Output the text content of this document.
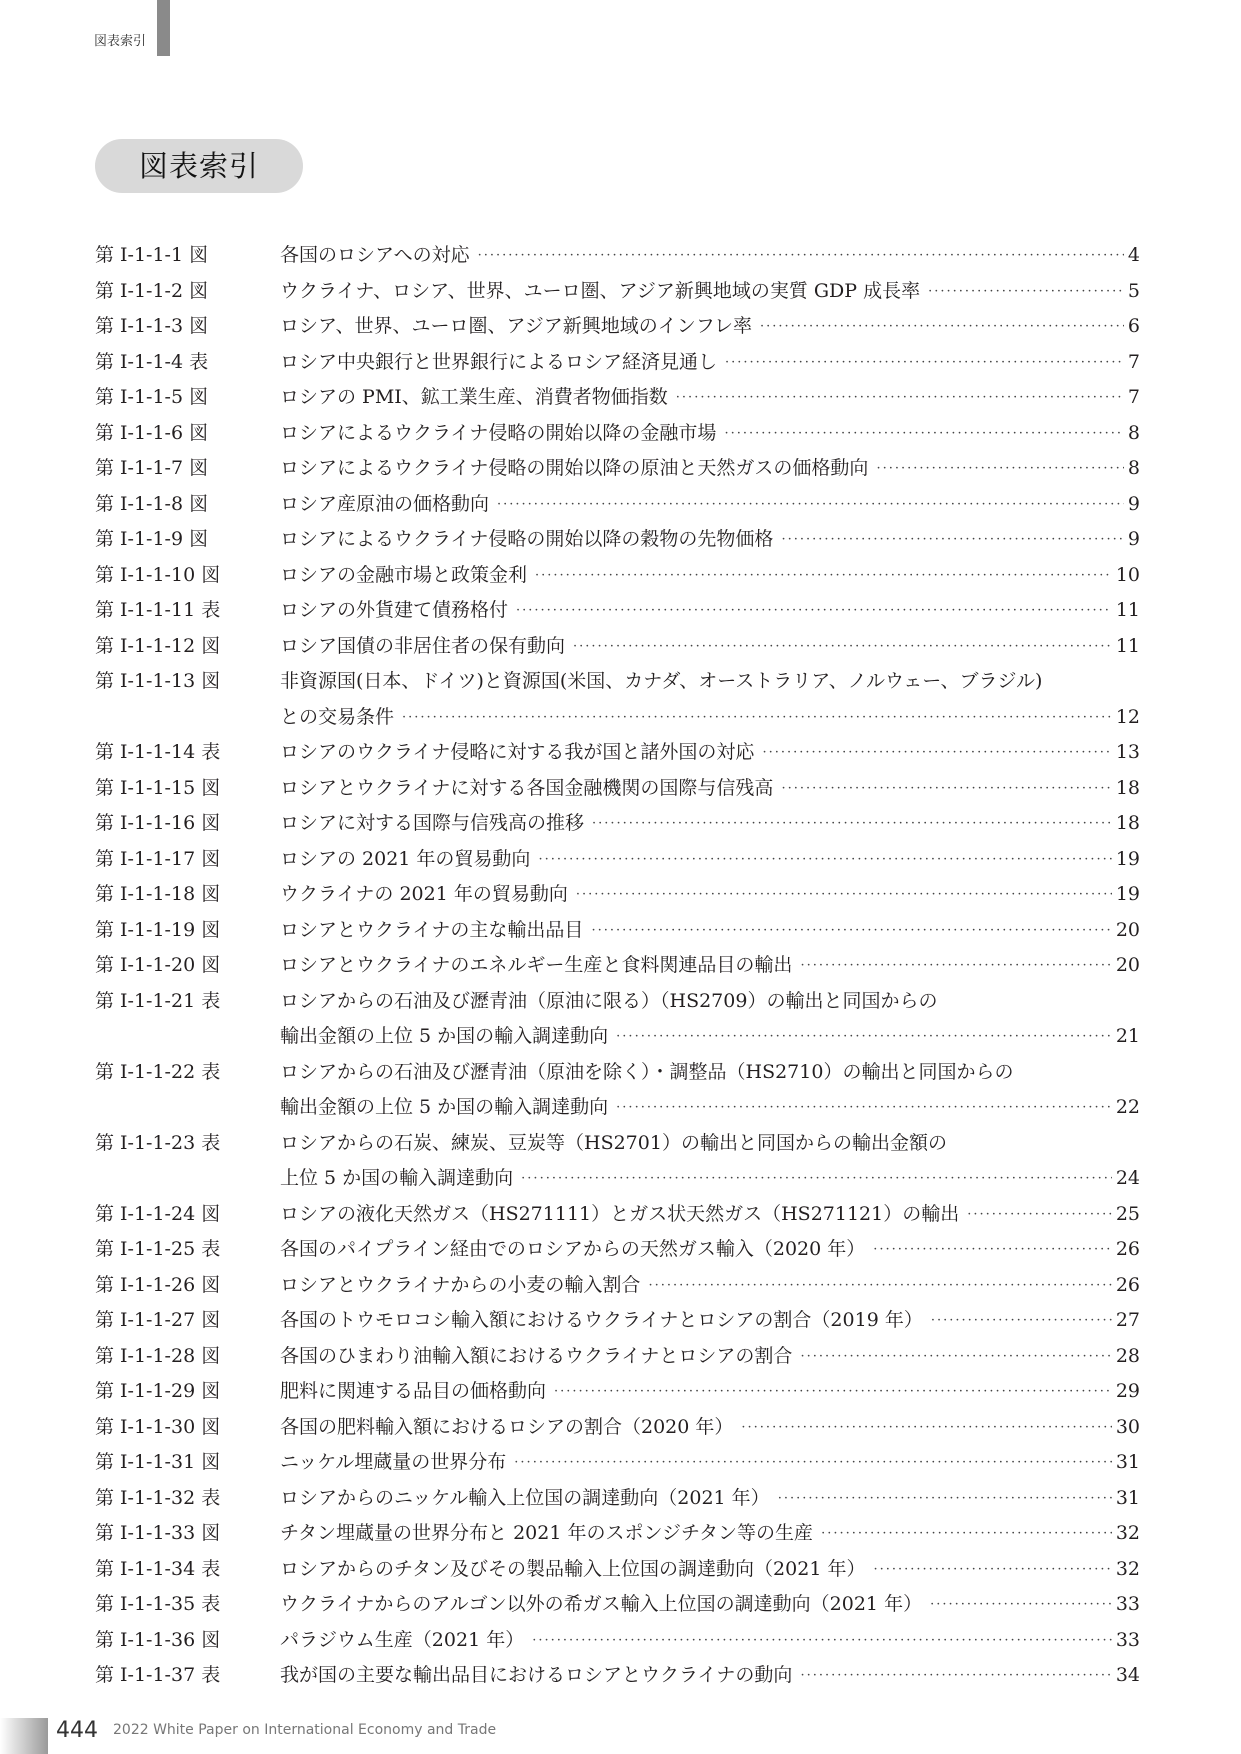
図表索引
図表索引
第 I-1-1-1 図	各国のロシアへの対応 ·····	4
第 I-1-1-2 図	ウクライナ、ロシア、世界、ユーロ圏、アジア新興地域の実質 GDP 成長率 ·····	5
第 I-1-1-3 図	ロシア、世界、ユーロ圏、アジア新興地域のインフレ率 ·····	6
第 I-1-1-4 表	ロシア中央銀行と世界銀行によるロシア経済見通し ·····	7
第 I-1-1-5 図	ロシアの PMI、鉱工業生産、消費者物価指数 ·····	7
第 I-1-1-6 図	ロシアによるウクライナ侵略の開始以降の金融市場 ·····	8
第 I-1-1-7 図	ロシアによるウクライナ侵略の開始以降の原油と天然ガスの価格動向 ·····	8
第 I-1-1-8 図	ロシア産原油の価格動向 ·····	9
第 I-1-1-9 図	ロシアによるウクライナ侵略の開始以降の穀物の先物価格 ·····	9
第 I-1-1-10 図	ロシアの金融市場と政策金利 ·····	10
第 I-1-1-11 表	ロシアの外貨建て債務格付 ·····	11
第 I-1-1-12 図	ロシア国債の非居住者の保有動向 ·····	11
第 I-1-1-13 図	非資源国(日本、ドイツ)と資源国(米国、カナダ、オーストラリア、ノルウェー、ブラジル)
との交易条件 ·····	12
第 I-1-1-14 表	ロシアのウクライナ侵略に対する我が国と諸外国の対応 ·····	13
第 I-1-1-15 図	ロシアとウクライナに対する各国金融機関の国際与信残高 ·····	18
第 I-1-1-16 図	ロシアに対する国際与信残高の推移 ·····	18
第 I-1-1-17 図	ロシアの 2021 年の貿易動向 ·····	19
第 I-1-1-18 図	ウクライナの 2021 年の貿易動向 ·····	19
第 I-1-1-19 図	ロシアとウクライナの主な輸出品目 ·····	20
第 I-1-1-20 図	ロシアとウクライナのエネルギー生産と食料関連品目の輸出 ·····	20
第 I-1-1-21 表	ロシアからの石油及び瀝青油（原油に限る）（HS2709）の輸出と同国からの
輸出金額の上位 5 か国の輸入調達動向 ·····	21
第 I-1-1-22 表	ロシアからの石油及び瀝青油（原油を除く）・調整品（HS2710）の輸出と同国からの
輸出金額の上位 5 か国の輸入調達動向 ·····	22
第 I-1-1-23 表	ロシアからの石炭、練炭、豆炭等（HS2701）の輸出と同国からの輸出金額の
上位 5 か国の輸入調達動向 ·····	24
第 I-1-1-24 図	ロシアの液化天然ガス（HS271111）とガス状天然ガス（HS271121）の輸出 ·····	25
第 I-1-1-25 表	各国のパイプライン経由でのロシアからの天然ガス輸入（2020 年） ·····	26
第 I-1-1-26 図	ロシアとウクライナからの小麦の輸入割合 ·····	26
第 I-1-1-27 図	各国のトウモロコシ輸入額におけるウクライナとロシアの割合（2019 年） ·····	27
第 I-1-1-28 図	各国のひまわり油輸入額におけるウクライナとロシアの割合 ·····	28
第 I-1-1-29 図	肥料に関連する品目の価格動向 ·····	29
第 I-1-1-30 図	各国の肥料輸入額におけるロシアの割合（2020 年） ·····	30
第 I-1-1-31 図	ニッケル埋蔵量の世界分布 ·····	31
第 I-1-1-32 表	ロシアからのニッケル輸入上位国の調達動向（2021 年） ·····	31
第 I-1-1-33 図	チタン埋蔵量の世界分布と 2021 年のスポンジチタン等の生産 ·····	32
第 I-1-1-34 表	ロシアからのチタン及びその製品輸入上位国の調達動向（2021 年） ·····	32
第 I-1-1-35 表	ウクライナからのアルゴン以外の希ガス輸入上位国の調達動向（2021 年） ·····	33
第 I-1-1-36 図	パラジウム生産（2021 年） ·····	33
第 I-1-1-37 表	我が国の主要な輸出品目におけるロシアとウクライナの動向 ·····	34
444 2022 White Paper on International Economy and Trade
